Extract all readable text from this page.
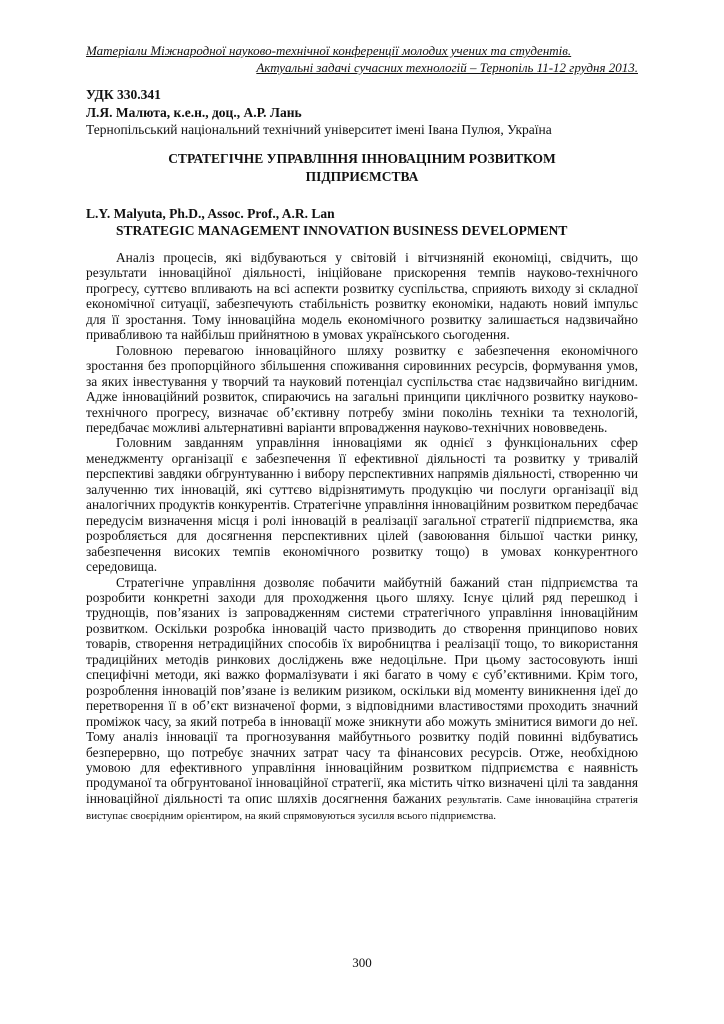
Матеріали Міжнародної науково-технічної конференції молодих учених та студентів.
Актуальні задачі сучасних технологій – Тернопіль 11-12 грудня 2013.
УДК 330.341
Л.Я. Малюта, к.е.н., доц., А.Р. Лань
Тернопільський національний технічний університет імені Івана Пулюя, Україна
СТРАТЕГІЧНЕ УПРАВЛІННЯ ІННОВАЦІНИМ РОЗВИТКОМ
ПІДПРИЄМСТВА
L.Y. Malyuta, Ph.D., Assoc. Prof., A.R. Lan
STRATEGIC MANAGEMENT INNOVATION BUSINESS DEVELOPMENT

Аналіз процесів, які відбуваються у світовій і вітчизняній економіці, свідчить, що результати інноваційної діяльності, ініційоване прискорення темпів науково-технічного прогресу, суттєво впливають на всі аспекти розвитку суспільства, сприяють виходу зі складної економічної ситуації, забезпечують стабільність розвитку економіки, надають новий імпульс для її зростання. Тому інноваційна модель економічного розвитку залишається надзвичайно привабливою та найбільш прийнятною в умовах українського сьогодення.

Головною перевагою інноваційного шляху розвитку є забезпечення економічного зростання без пропорційного збільшення споживання сировинних ресурсів, формування умов, за яких інвестування у творчий та науковий потенціал суспільства стає надзвичайно вигідним. Адже інноваційний розвиток, спираючись на загальні принципи циклічного розвитку науково-технічного прогресу, визначає об’єктивну потребу зміни поколінь техніки та технологій, передбачає можливі альтернативні варіанти впровадження науково-технічних нововведень.

Головним завданням управління інноваціями як однієї з функціональних сфер менеджменту організації є забезпечення її ефективної діяльності та розвитку у тривалій перспективі завдяки обгрунтуванню і вибору перспективних напрямів діяльності, створенню чи залученню тих інновацій, які суттєво відрізнятимуть продукцію чи послуги організації від аналогічних продуктів конкурентів. Стратегічне управління інноваційним розвитком передбачає передусім визначення місця і ролі інновацій в реалізації загальної стратегії підприємства, яка розробляється для досягнення перспективних цілей (завоювання більшої частки ринку, забезпечення високих темпів економічного розвитку тощо) в умовах конкурентного середовища.

Стратегічне управління дозволяє побачити майбутній бажаний стан підприємства та розробити конкретні заходи для проходження цього шляху. Існує цілий ряд перешкод і труднощів, пов’язаних із запровадженням системи стратегічного управління інноваційним розвитком. Оскільки розробка інновацій часто призводить до створення принципово нових товарів, створення нетрадиційних способів їх виробництва і реалізації тощо, то використання традиційних методів ринкових досліджень вже недоцільне. При цьому застосовують інші специфічні методи, які важко формалізувати і які багато в чому є суб’єктивними. Крім того, розроблення інновацій пов’язане із великим ризиком, оскільки від моменту виникнення ідеї до перетворення її в об’єкт визначеної форми, з відповідними властивостями проходить значний проміжок часу, за який потреба в інновації може зникнути або можуть змінитися вимоги до неї. Тому аналіз інновації та прогнозування майбутнього розвитку подій повинні відбуватись безперервно, що потребує значних затрат часу та фінансових ресурсів. Отже, необхідною умовою для ефективного управління інноваційним розвитком підприємства є наявність продуманої та обгрунтованої інноваційної стратегії, яка містить чітко визначені цілі та завдання інноваційної діяльності та опис шляхів досягнення бажаних результатів. Саме інноваційна стратегія виступає своєрідним орієнтиром, на який спрямовуються зусилля всього підприємства.

300
